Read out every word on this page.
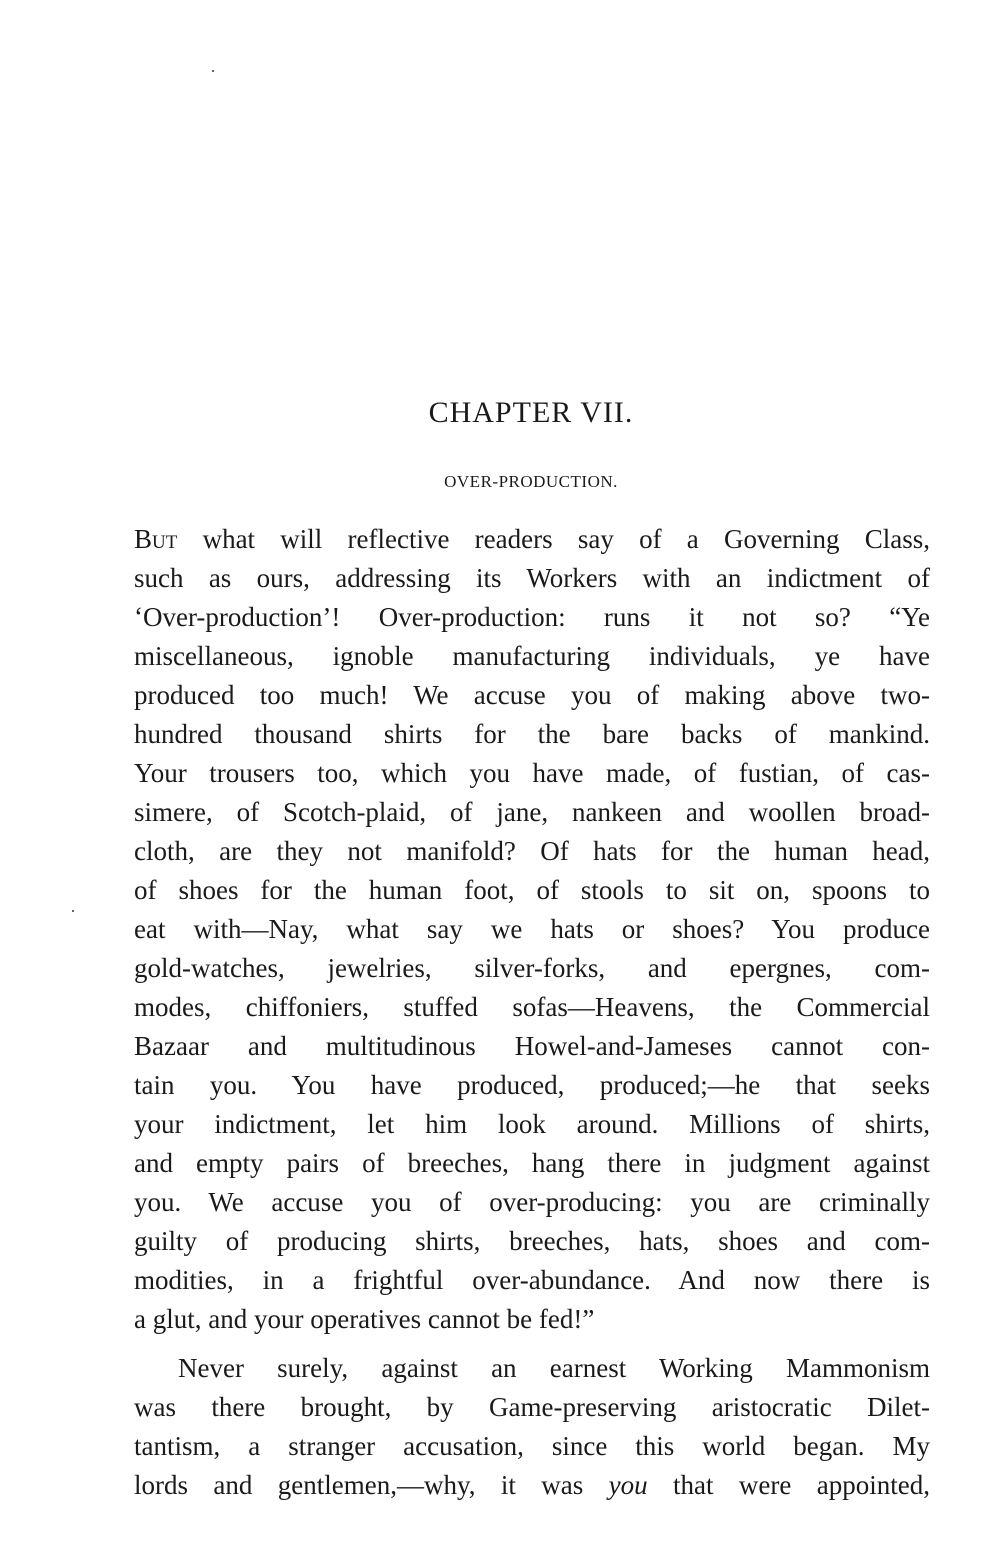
CHAPTER VII.
OVER-PRODUCTION.
But what will reflective readers say of a Governing Class,
such as ours, addressing its Workers with an indictment of
‘Over-production’! Over-production: runs it not so? “Ye
miscellaneous, ignoble manufacturing individuals, ye have
produced too much! We accuse you of making above two-
hundred thousand shirts for the bare backs of mankind.
Your trousers too, which you have made, of fustian, of cas-
simere, of Scotch-plaid, of jane, nankeen and woollen broad-
cloth, are they not manifold? Of hats for the human head,
of shoes for the human foot, of stools to sit on, spoons to
eat with—Nay, what say we hats or shoes? You produce
gold-watches, jewelries, silver-forks, and epergnes, com-
modes, chiffoniers, stuffed sofas—Heavens, the Commercial
Bazaar and multitudinous Howel-and-Jameses cannot con-
tain you. You have produced, produced;—he that seeks
your indictment, let him look around. Millions of shirts,
and empty pairs of breeches, hang there in judgment against
you. We accuse you of over-producing: you are criminally
guilty of producing shirts, breeches, hats, shoes and com-
modities, in a frightful over-abundance. And now there is
a glut, and your operatives cannot be fed!”
Never surely, against an earnest Working Mammonism
was there brought, by Game-preserving aristocratic Dilet-
tantism, a stranger accusation, since this world began. My
lords and gentlemen,—why, it was you that were appointed,
